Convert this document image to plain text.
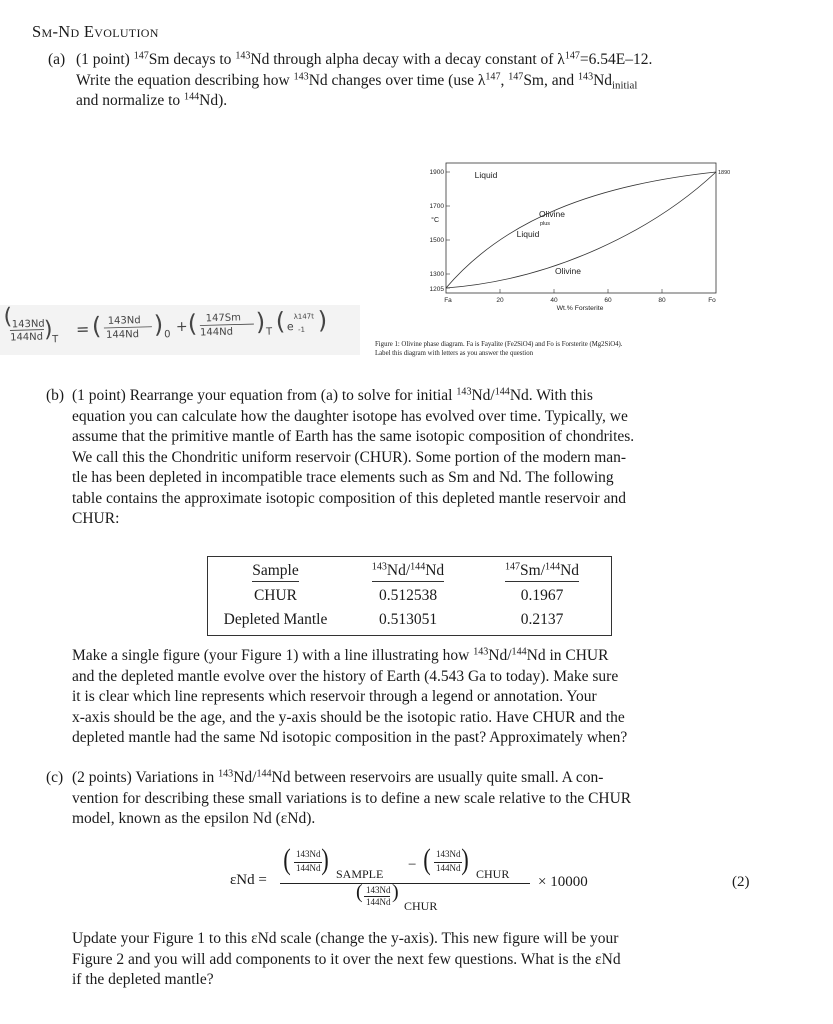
SM-ND EVOLUTION
(a) (1 point) $^{147}$Sm decays to $^{143}$Nd through alpha decay with a decay constant of $\lambda^{147}=6.54E-12$.
Write the equation describing how $^{143}$Nd changes over time (use $\lambda^{147}$, $^{147}$Sm, and $^{143}Nd_{initial}$
and normalize to $^{144}$Nd).
( 143Nd
144Nd ) T
= ( 143Nd
144Nd ) 0 + ( 147Sm
144Nd ) T ( e
λ147t
-1 )
1900
1700
°C
1500
1300
1205
Fa	20	40	60	80	Fo
Wt.% Forsterite
1890
Liquid
Olivine
plus
Liquid
Olivine
Figure 1: Olivine phase diagram. Fa is Fayalite (Fe2SiO4) and Fo is Forsterite (Mg2SiO4).
Label this diagram with letters as you answer the question
(b) (1 point) Rearrange your equation from (a) to solve for initial $^{143}$Nd/$^{144}$Nd. With this
equation you can calculate how the daughter isotope has evolved over time. Typically, we
assume that the primitive mantle of Earth has the same isotopic composition of chondrites.
We call this the Chondritic uniform reservoir (CHUR). Some portion of the modern man-
tle has been depleted in incompatible trace elements such as Sm and Nd. The following
table contains the approximate isotopic composition of this depleted mantle reservoir and
CHUR:
Sample	$^{143}$Nd/$^{144}$Nd	$^{147}$Sm/$^{144}$Nd
CHUR	0.512538	0.1967
Depleted Mantle	0.513051	0.2137
Make a single figure (your Figure 1) with a line illustrating how $^{143}$Nd/$^{144}$Nd in CHUR
and the depleted mantle evolve over the history of Earth (4.543 Ga to today). Make sure
it is clear which line represents which reservoir through a legend or annotation. Your
x-axis should be the age, and the y-axis should be the isotopic ratio. Have CHUR and the
depleted mantle had the same Nd isotopic composition in the past? Approximately when?
(c) (2 points) Variations in $^{143}$Nd/$^{144}$Nd between reservoirs are usually quite small. A con-
vention for describing these small variations is to define a new scale relative to the CHUR
model, known as the epsilon Nd (εNd).
εNd =
( 143Nd
144Nd ) SAMPLE
− ( 143Nd
144Nd ) CHUR
( 143Nd
144Nd )
CHUR
× 10000	(2)
Update your Figure 1 to this εNd scale (change the y-axis). This new figure will be your
Figure 2 and you will add components to it over the next few questions. What is the εNd
if the depleted mantle?
